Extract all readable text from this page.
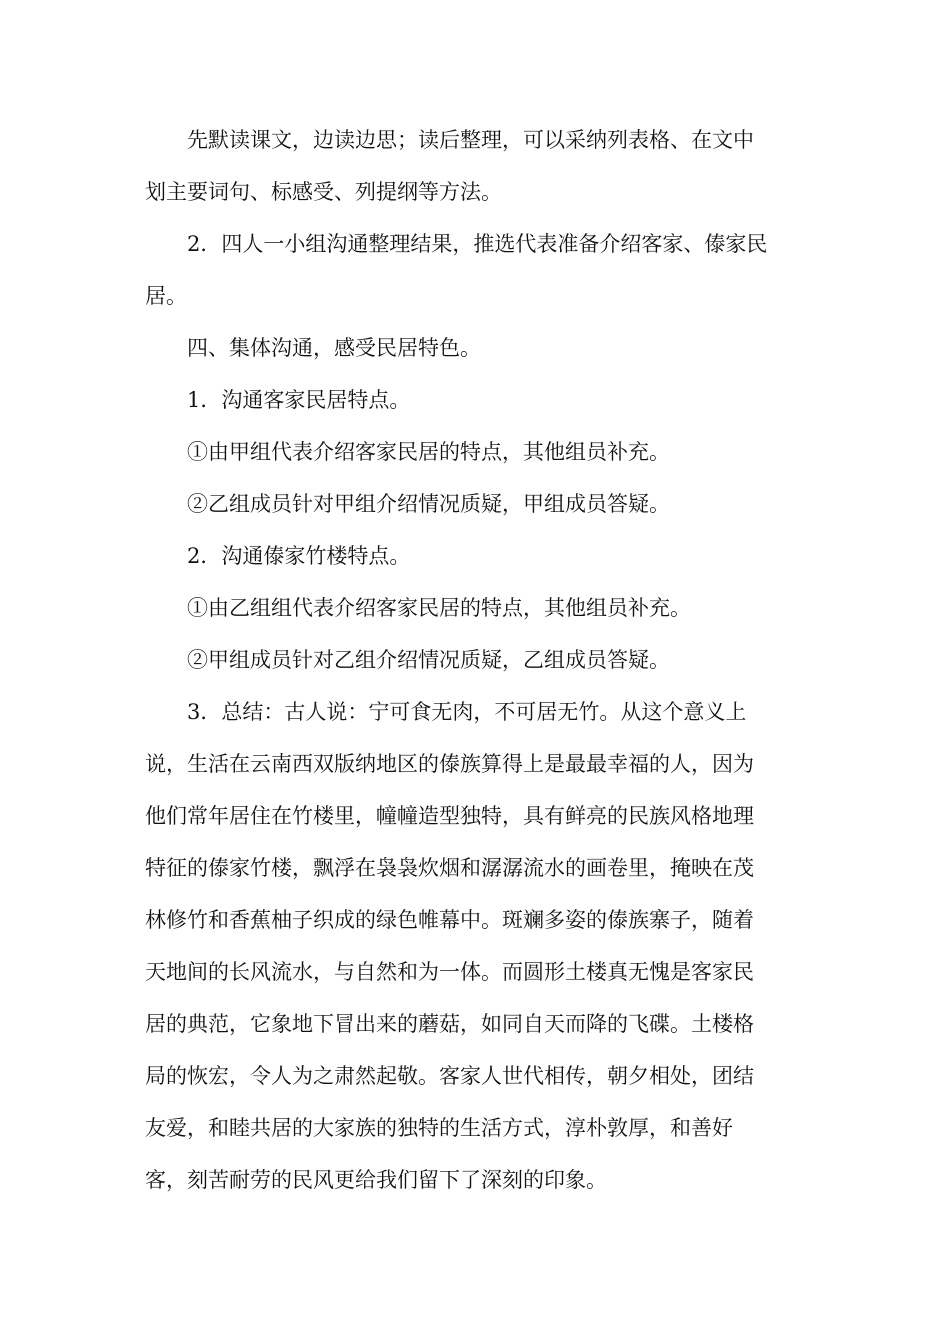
先默读课文，边读边思；读后整理，可以采纳列表格、在文中
划主要词句、标感受、列提纲等方法。
2．四人一小组沟通整理结果，推选代表准备介绍客家、傣家民
居。
四、集体沟通，感受民居特色。
1．沟通客家民居特点。
①由甲组代表介绍客家民居的特点，其他组员补充。
②乙组成员针对甲组介绍情况质疑，甲组成员答疑。
2．沟通傣家竹楼特点。
①由乙组组代表介绍客家民居的特点，其他组员补充。
②甲组成员针对乙组介绍情况质疑，乙组成员答疑。
3．总结：古人说：宁可食无肉，不可居无竹。从这个意义上
说，生活在云南西双版纳地区的傣族算得上是最最幸福的人，因为
他们常年居住在竹楼里，幢幢造型独特，具有鲜亮的民族风格地理
特征的傣家竹楼，飘浮在袅袅炊烟和潺潺流水的画卷里，掩映在茂
林修竹和香蕉柚子织成的绿色帷幕中。斑斓多姿的傣族寨子，随着
天地间的长风流水，与自然和为一体。而圆形土楼真无愧是客家民
居的典范，它象地下冒出来的蘑菇，如同自天而降的飞碟。土楼格
局的恢宏，令人为之肃然起敬。客家人世代相传，朝夕相处，团结
友爱，和睦共居的大家族的独特的生活方式，淳朴敦厚，和善好
客，刻苦耐劳的民风更给我们留下了深刻的印象。
